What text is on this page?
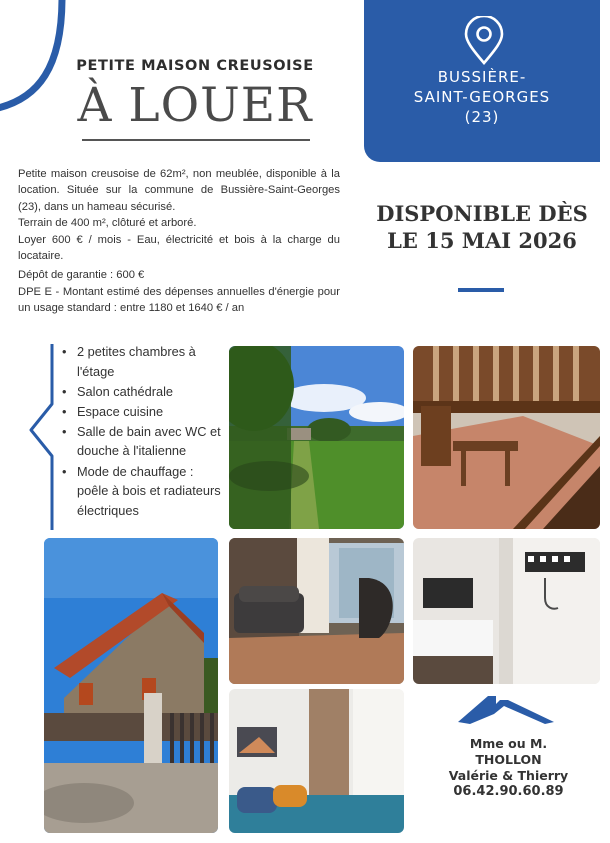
PETITE MAISON CREUSOISE
À LOUER
BUSSIÈRE-
SAINT-GEORGES
(23)

Petite maison creusoise de 62m², non meublée, disponible à la location. Située sur la commune de Bussière-Saint-Georges (23), dans un hameau sécurisé.

Terrain de 400 m², clôturé et arboré.

Loyer 600 € / mois - Eau, électricité et bois à la charge du locataire.

Dépôt de garantie : 600 €

DPE E - Montant estimé des dépenses annuelles d'énergie pour un usage standard : entre 1180 et 1640 € / an

DISPONIBLE DÈS
LE 15 MAI 2026
• 2 petites chambres à l'étage
• Salon cathédrale
• Espace cuisine
• Salle de bain avec WC et douche à l'italienne
• Mode de chauffage : poêle à bois et radiateurs électriques
Mme ou M.
THOLLON
Valérie & Thierry
06.42.90.60.89
